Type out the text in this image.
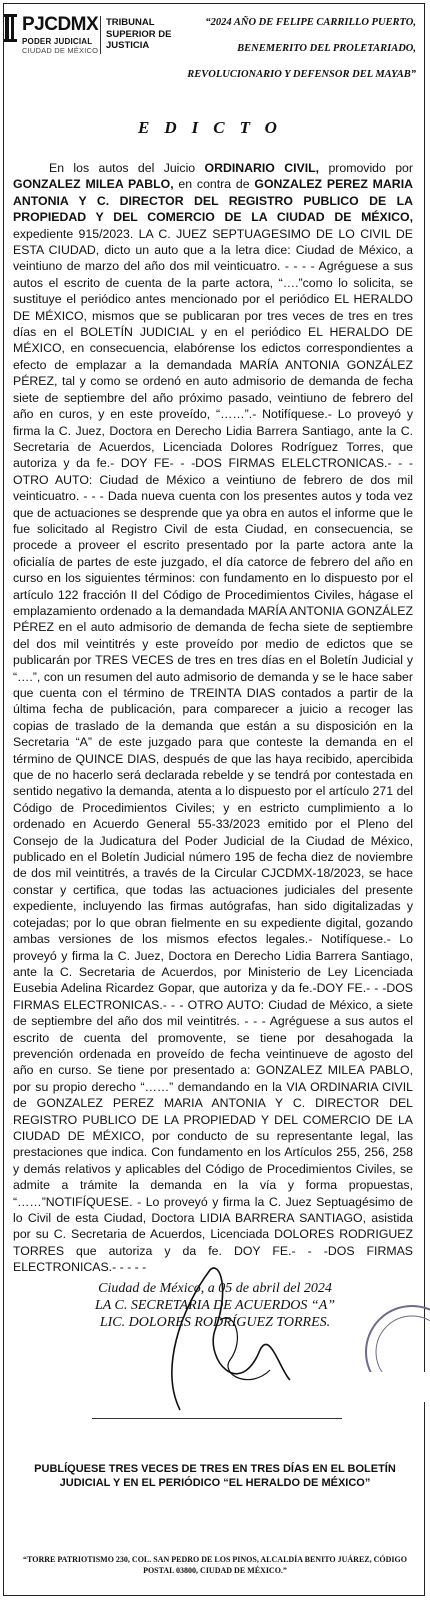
PJCDMX
PODER JUDICIAL
CIUDAD DE MÉXICO
TRIBUNAL SUPERIOR DE JUSTICIA
“2024 AÑO DE FELIPE CARRILLO PUERTO, BENEMERITO DEL PROLETARIADO, REVOLUCIONARIO Y DEFENSOR DEL MAYAB”
EDICTO

En los autos del Juicio ORDINARIO CIVIL, promovido por GONZALEZ MILEA PABLO, en contra de GONZALEZ PEREZ MARIA ANTONIA Y C. DIRECTOR DEL REGISTRO PUBLICO DE LA PROPIEDAD Y DEL COMERCIO DE LA CIUDAD DE MÉXICO, expediente 915/2023. LA C. JUEZ SEPTUAGESIMO DE LO CIVIL DE ESTA CIUDAD, dicto un auto que a la letra dice: Ciudad de México, a veintiuno de marzo del año dos mil veinticuatro. - - - - Agréguese a sus autos el escrito de cuenta de la parte actora, “….”como lo solicita, se sustituye el periódico antes mencionado por el periódico EL HERALDO DE MÉXICO, mismos que se publicaran por tres veces de tres en tres días en el BOLETÍN JUDICIAL y en el periódico EL HERALDO DE MÉXICO, en consecuencia, elabórense los edictos correspondientes a efecto de emplazar a la demandada MARÍA ANTONIA GONZÁLEZ PÉREZ, tal y como se ordenó en auto admisorio de demanda de fecha siete de septiembre del año próximo pasado, veintiuno de febrero del año en curos, y en este proveído, “……”.- Notifíquese.- Lo proveyó y firma la C. Juez, Doctora en Derecho Lidia Barrera Santiago, ante la C. Secretaria de Acuerdos, Licenciada Dolores Rodríguez Torres, que autoriza y da fe.- DOY FE- - -DOS FIRMAS ELELCTRONICAS.- - -OTRO AUTO: Ciudad de México a veintiuno de febrero de dos mil veinticuatro. - - - Dada nueva cuenta con los presentes autos y toda vez que de actuaciones se desprende que ya obra en autos el informe que le fue solicitado al Registro Civil de esta Ciudad, en consecuencia, se procede a proveer el escrito presentado por la parte actora ante la oficialía de partes de este juzgado, el día catorce de febrero del año en curso en los siguientes términos: con fundamento en lo dispuesto por el artículo 122 fracción II del Código de Procedimientos Civiles, hágase el emplazamiento ordenado a la demandada MARÍA ANTONIA GONZÁLEZ PÉREZ en el auto admisorio de demanda de fecha siete de septiembre del dos mil veintitrés y este proveído por medio de edictos que se publicarán por TRES VECES de tres en tres días en el Boletín Judicial y “….”, con un resumen del auto admisorio de demanda y se le hace saber que cuenta con el término de TREINTA DIAS contados a partir de la última fecha de publicación, para comparecer a juicio a recoger las copias de traslado de la demanda que están a su disposición en la Secretaria “A” de este juzgado para que conteste la demanda en el término de QUINCE DIAS, después de que las haya recibido, apercibida que de no hacerlo será declarada rebelde y se tendrá por contestada en sentido negativo la demanda, atenta a lo dispuesto por el artículo 271 del Código de Procedimientos Civiles; y en estricto cumplimiento a lo ordenado en Acuerdo General 55-33/2023 emitido por el Pleno del Consejo de la Judicatura del Poder Judicial de la Ciudad de México, publicado en el Boletín Judicial número 195 de fecha diez de noviembre de dos mil veintitrés, a través de la Circular CJCDMX-18/2023, se hace constar y certifica, que todas las actuaciones judiciales del presente expediente, incluyendo las firmas autógrafas, han sido digitalizadas y cotejadas; por lo que obran fielmente en su expediente digital, gozando ambas versiones de los mismos efectos legales.- Notifíquese.- Lo proveyó y firma la C. Juez, Doctora en Derecho Lidia Barrera Santiago, ante la C. Secretaria de Acuerdos, por Ministerio de Ley Licenciada Eusebia Adelina Ricardez Gopar, que autoriza y da fe.-DOY FE.- - -DOS FIRMAS ELECTRONICAS.- - - OTRO AUTO: Ciudad de México, a siete de septiembre del año dos mil veintitrés. - - - Agréguese a sus autos el escrito de cuenta del promovente, se tiene por desahogada la prevención ordenada en proveído de fecha veintinueve de agosto del año en curso. Se tiene por presentado a: GONZALEZ MILEA PABLO, por su propio derecho “……” demandando en la VIA ORDINARIA CIVIL de GONZALEZ PEREZ MARIA ANTONIA Y C. DIRECTOR DEL REGISTRO PUBLICO DE LA PROPIEDAD Y DEL COMERCIO DE LA CIUDAD DE MÉXICO, por conducto de su representante legal, las prestaciones que indica. Con fundamento en los Artículos 255, 256, 258 y demás relativos y aplicables del Código de Procedimientos Civiles, se admite a trámite la demanda en la vía y forma propuestas, “……”NOTIFÍQUESE. - Lo proveyó y firma la C. Juez Septuagésimo de lo Civil de esta Ciudad, Doctora LIDIA BARRERA SANTIAGO, asistida por su C. Secretaria de Acuerdos, Licenciada DOLORES RODRIGUEZ TORRES que autoriza y da fe. DOY FE.- - -DOS FIRMAS ELECTRONICAS.- - - - -

Ciudad de México, a 05 de abril del 2024
LA C. SECRETARIA DE ACUERDOS “A”
LIC. DOLORES RODRÍGUEZ TORRES.
PUBLÍQUESE TRES VECES DE TRES EN TRES DÍAS EN EL BOLETÍN JUDICIAL Y EN EL PERIÓDICO “EL HERALDO DE MÉXICO”
“TORRE PATRIOTISMO 230, COL. SAN PEDRO DE LOS PINOS, ALCALDÍA BENITO JUÁREZ, CÓDIGO POSTAL 03800, CIUDAD DE MÉXICO.”
